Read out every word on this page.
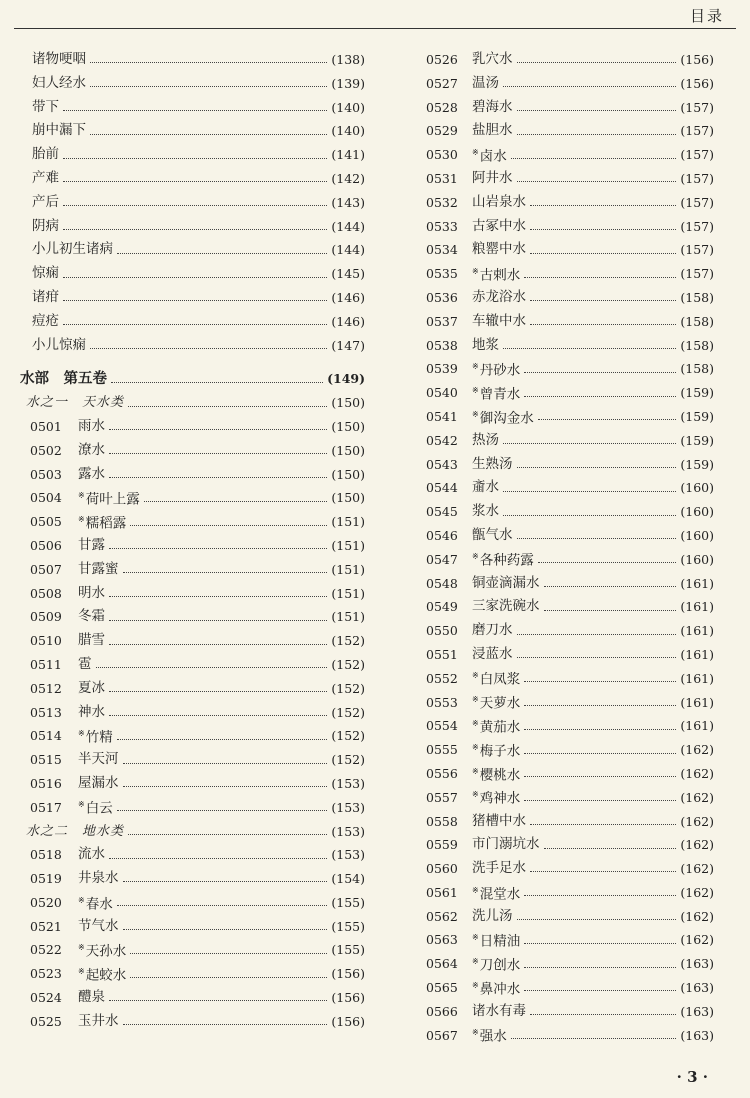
目录
诸物哽咽	(138)
妇人经水	(139)
带下	(140)
崩中漏下	(140)
胎前	(141)
产难	(142)
产后	(143)
阴病	(144)
小儿初生诸病	(144)
惊痫	(145)
诸疳	(146)
痘疮	(146)
小儿惊痫	(147)
水部　第五卷	(149)
水之一　天水类	(150)
0501	雨水	(150)
0502	潦水	(150)
0503	露水	(150)
0504	※荷叶上露	(150)
0505	※糯稻露	(151)
0506	甘露	(151)
0507	甘露蜜	(151)
0508	明水	(151)
0509	冬霜	(151)
0510	腊雪	(152)
0511	雹	(152)
0512	夏冰	(152)
0513	神水	(152)
0514	※竹精	(152)
0515	半天河	(152)
0516	屋漏水	(153)
0517	※白云	(153)
水之二　地水类	(153)
0518	流水	(153)
0519	井泉水	(154)
0520	※春水	(155)
0521	节气水	(155)
0522	※天孙水	(155)
0523	※起蛟水	(156)
0524	醴泉	(156)
0525	玉井水	(156)
0526	乳穴水	(156)
0527	温汤	(156)
0528	碧海水	(157)
0529	盐胆水	(157)
0530	※卤水	(157)
0531	阿井水	(157)
0532	山岩泉水	(157)
0533	古冢中水	(157)
0534	粮罂中水	(157)
0535	※古剌水	(157)
0536	赤龙浴水	(158)
0537	车辙中水	(158)
0538	地浆	(158)
0539	※丹砂水	(158)
0540	※曾青水	(159)
0541	※御沟金水	(159)
0542	热汤	(159)
0543	生熟汤	(159)
0544	齑水	(160)
0545	浆水	(160)
0546	甑气水	(160)
0547	※各种药露	(160)
0548	铜壶滴漏水	(161)
0549	三家洗碗水	(161)
0550	磨刀水	(161)
0551	浸蓝水	(161)
0552	※白凤浆	(161)
0553	※天萝水	(161)
0554	※黄茄水	(161)
0555	※梅子水	(162)
0556	※樱桃水	(162)
0557	※鸡神水	(162)
0558	猪槽中水	(162)
0559	市门溺坑水	(162)
0560	洗手足水	(162)
0561	※混堂水	(162)
0562	洗儿汤	(162)
0563	※日精油	(162)
0564	※刀创水	(163)
0565	※鼻冲水	(163)
0566	诸水有毒	(163)
0567	※强水	(163)
· 3 ·
